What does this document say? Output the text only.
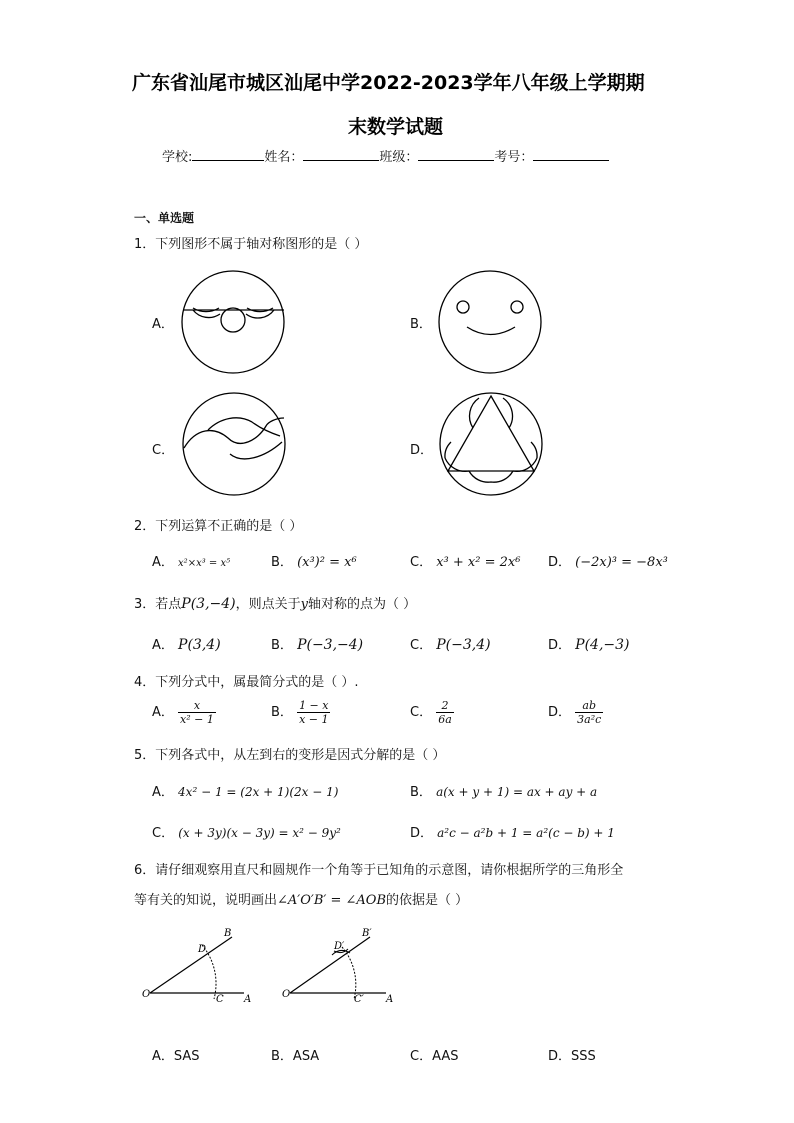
广东省汕尾市城区汕尾中学2022-2023学年八年级上学期期
末数学试题
学校:	姓名：	班级：	考号：
一、单选题
1．下列图形不属于轴对称图形的是（ ）
A．	B．
C．	D．
2．下列运算不正确的是（ ）
A． x²×x³ = x⁵	B． (x³)² = x⁶	C． x³ + x² = 2x⁶ D． (−2x)³ = −8x³
3．若点P(3,−4)，则点关于y轴对称的点为（ ）
A． P(3,4)	B． P(−3,−4)	C． P(−3,4)	D． P(4,−3)
4．下列分式中，属最简分式的是（ ）.
A． $\frac{x}{\text{x² − 1}}$	B． $\frac{1 - x}{x - 1}$	C． $\frac{2}{6a}$	D． $\frac{ab}{\text{3a²c}}$
5．下列各式中，从左到右的变形是因式分解的是（ ）
A． 4x² − 1 = (2x + 1)(2x − 1)	B． a(x + y + 1) = ax + ay + a
C． (x + 3y)(x − 3y) = x² − 9y²	D． a²c − a²b + 1 = a²(c − b) + 1
6．请仔细观察用直尺和圆规作一个角等于已知角的示意图，请你根据所学的三角形全
等有关的知说，说明画出∠A′O′B′ = ∠AOB的依据是（ ）
O
D
B
C A	O
D′
B′
C′ A
A．SAS	B．ASA	C．AAS	D．SSS
